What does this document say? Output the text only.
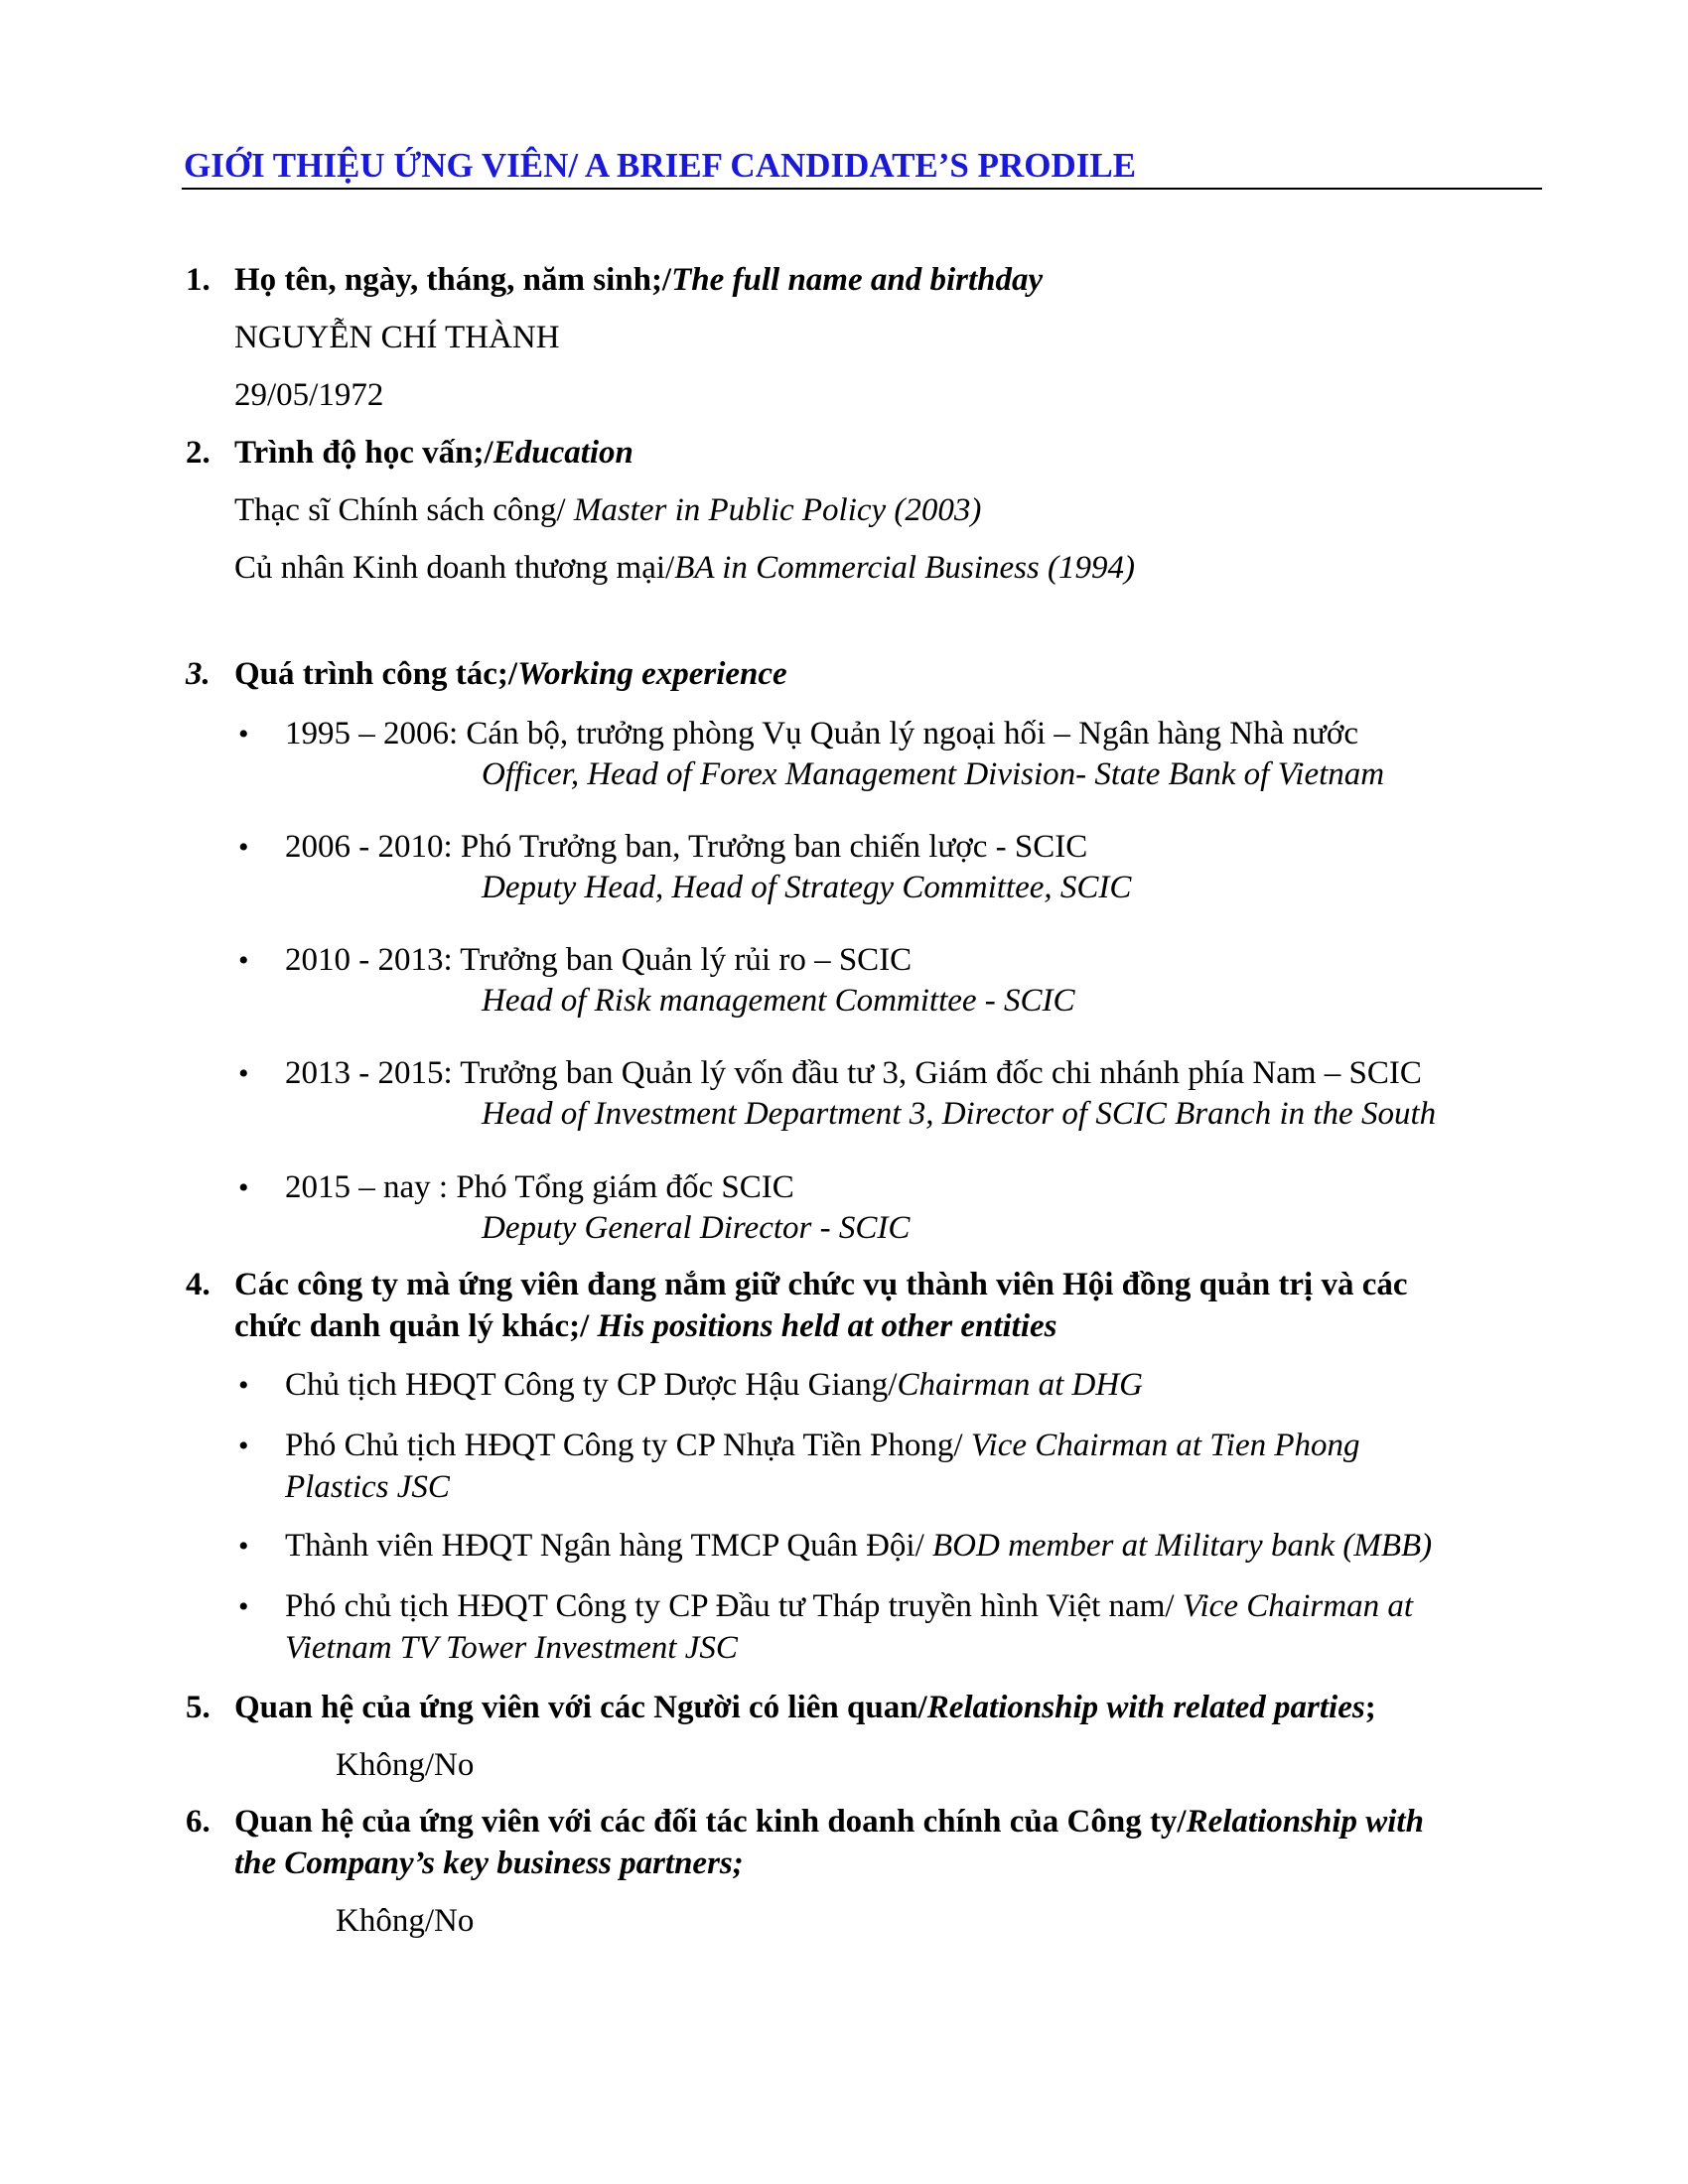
GIỚI THIỆU ỨNG VIÊN/ A BRIEF CANDIDATE’S PRODILE
1. Họ tên, ngày, tháng, năm sinh;/The full name and birthday
NGUYỄN CHÍ THÀNH
29/05/1972
2. Trình độ học vấn;/Education
Thạc sĩ Chính sách công/ Master in Public Policy (2003)
Củ nhân Kinh doanh thương mại/BA in Commercial Business (1994)
3. Quá trình công tác;/Working experience
• 1995 – 2006: Cán bộ, trưởng phòng Vụ Quản lý ngoại hối – Ngân hàng Nhà nước
Officer, Head of Forex Management Division- State Bank of Vietnam
• 2006 - 2010: Phó Trưởng ban, Trưởng ban chiến lược - SCIC
Deputy Head, Head of Strategy Committee, SCIC
• 2010 - 2013: Trưởng ban Quản lý rủi ro – SCIC
Head of Risk management Committee - SCIC
• 2013 - 2015: Trưởng ban Quản lý vốn đầu tư 3, Giám đốc chi nhánh phía Nam – SCIC
Head of Investment Department 3, Director of SCIC Branch in the South
• 2015 – nay : Phó Tổng giám đốc SCIC
Deputy General Director - SCIC
4. Các công ty mà ứng viên đang nắm giữ chức vụ thành viên Hội đồng quản trị và các
chức danh quản lý khác;/ His positions held at other entities
• Chủ tịch HĐQT Công ty CP Dược Hậu Giang/Chairman at DHG
• Phó Chủ tịch HĐQT Công ty CP Nhựa Tiền Phong/ Vice Chairman at Tien Phong
Plastics JSC
• Thành viên HĐQT Ngân hàng TMCP Quân Đội/ BOD member at Military bank (MBB)
• Phó chủ tịch HĐQT Công ty CP Đầu tư Tháp truyền hình Việt nam/ Vice Chairman at
Vietnam TV Tower Investment JSC
5. Quan hệ của ứng viên với các Người có liên quan/Relationship with related parties;
Không/No
6. Quan hệ của ứng viên với các đối tác kinh doanh chính của Công ty/Relationship with
the Company’s key business partners;
Không/No
